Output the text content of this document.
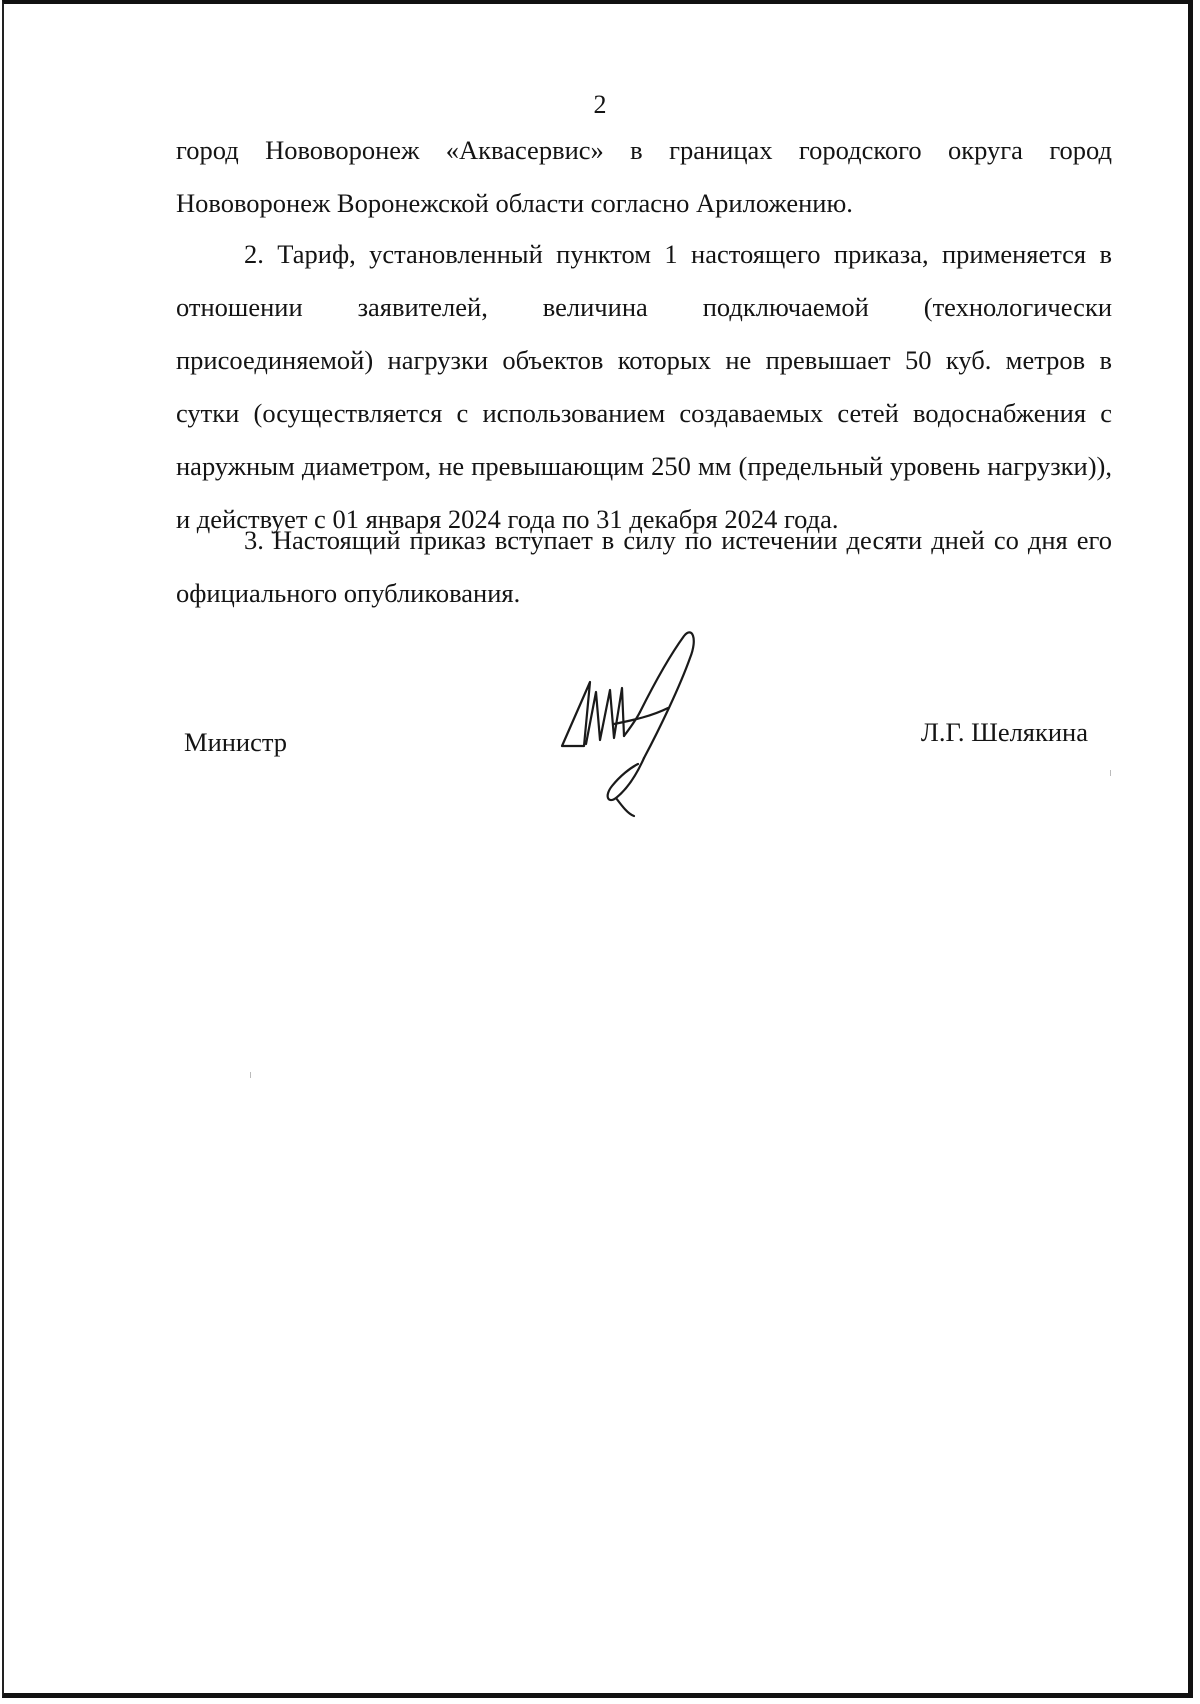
2

город Нововоронеж «Аквасервис» в границах городского округа город

Нововоронеж Воронежской области согласно Ариложению.

2. Тариф, установленный пунктом 1 настоящего приказа, применяется в отношении заявителей, величина подключаемой (технологически присоединяемой) нагрузки объектов которых не превышает 50 куб. метров в сутки (осуществляется с использованием создаваемых сетей водоснабжения с наружным диаметром, не превышающим 250 мм (предельный уровень нагрузки)), и действует с 01 января 2024 года по 31 декабря 2024 года.

3. Настоящий приказ вступает в силу по истечении десяти дней со дня его официального опубликования.

Министр	Л.Г. Шелякина
